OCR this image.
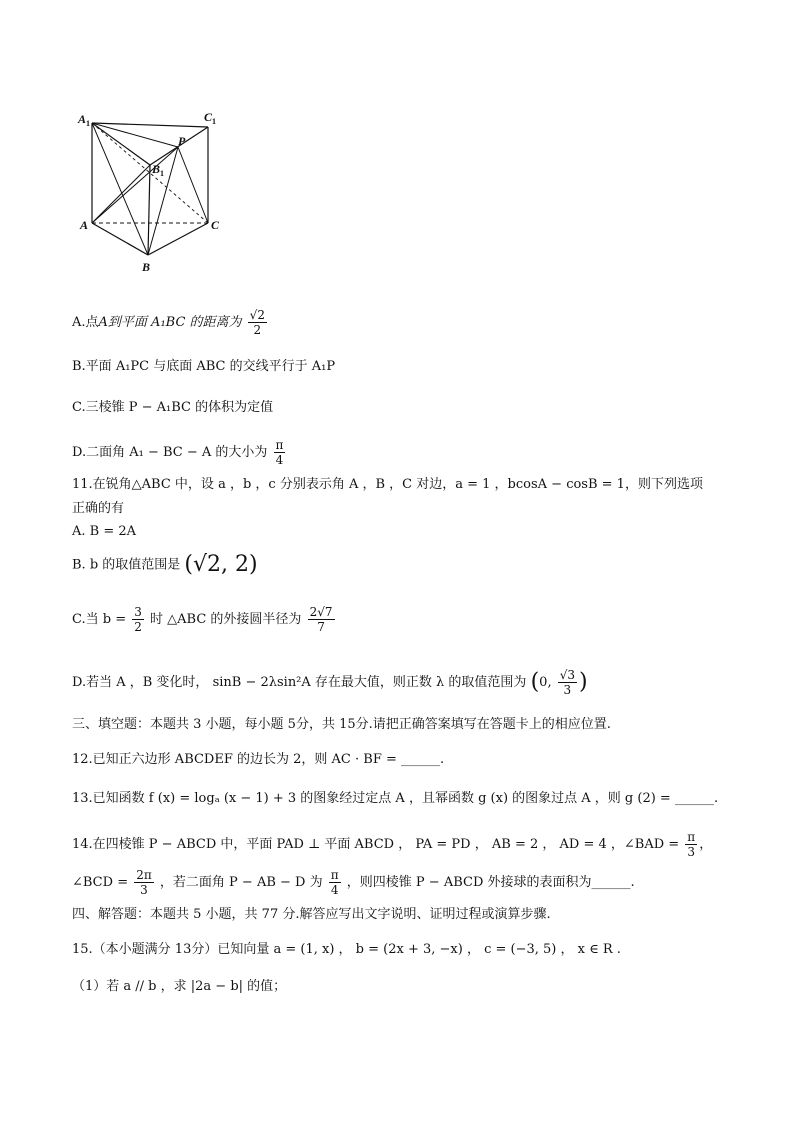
$A_1$	$C_1$
$B_1$
P
A	C
B
A.点A到平面 A₁BC 的距离为 $\frac{√2}{2}$
B.平面 A₁PC 与底面 ABC 的交线平行于 A₁P
C.三棱锥 P − A₁BC 的体积为定值
D.二面角 A₁ − BC − A 的大小为 $\frac{\pi}{4}$
11.在锐角△ABC 中，设 a ，b ，c 分别表示角 A ，B ，C 对边，a = 1 ，bcosA − cosB = 1，则下列选项
正确的有
A. B = 2A
B. b 的取值范围是 (√2, 2)
C.当 $b = \frac{3}{2}$ 时 △ABC 的外接圆半径为 $\frac{2√7}{7}$
D.若当 A ，B 变化时， sinB − 2λsin²A 存在最大值，则正数 λ 的取值范围为 (0, $\frac{√3}{3}$ )
三、填空题：本题共 3 小题，每小题 5分，共 15分.请把正确答案填写在答题卡上的相应位置.
12.已知正六边形 ABCDEF 的边长为 2，则 AC · BF = ______.
13.已知函数 f (x) = logₐ (x − 1) + 3 的图象经过定点 A ，且幂函数 g (x) 的图象过点 A ，则 g (2) = ______.
14.在四棱锥 P − ABCD 中，平面 PAD ⊥ 平面 ABCD ， PA = PD ， AB = 2 ， AD = 4 ，∠BAD = $\frac{\pi}{3}$ ，
∠BCD = $\frac{2\pi}{3}$ ，若二面角 P − AB − D 为 $\frac{\pi}{4}$ ，则四棱锥 P − ABCD 外接球的表面积为______.
四、解答题：本题共 5 小题，共 77 分.解答应写出文字说明、证明过程或演算步骤.
15.（本小题满分 13分）已知向量 a = (1, x) ， b = (2x + 3, −x) ， c = (−3, 5) ， x ∈ R .
（1）若 a // b ，求 |2a − b| 的值；
